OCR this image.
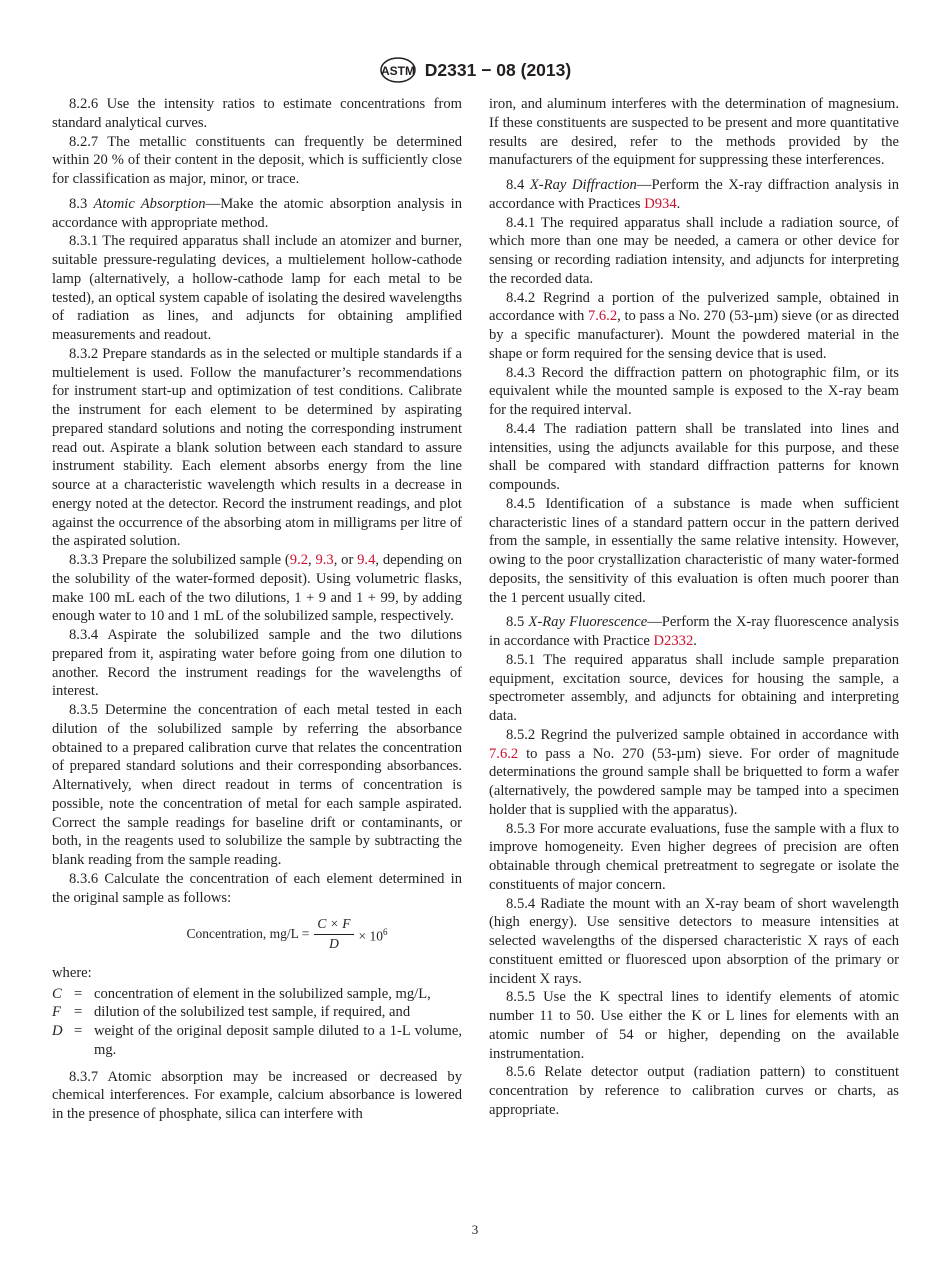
ASTM D2331 − 08 (2013)

8.2.6 Use the intensity ratios to estimate concentrations from standard analytical curves.

8.2.7 The metallic constituents can frequently be determined within 20 % of their content in the deposit, which is sufficiently close for classification as major, minor, or trace.

8.3 Atomic Absorption—Make the atomic absorption analysis in accordance with appropriate method.

8.3.1 The required apparatus shall include an atomizer and burner, suitable pressure-regulating devices, a multielement hollow-cathode lamp (alternatively, a hollow-cathode lamp for each metal to be tested), an optical system capable of isolating the desired wavelengths of radiation as lines, and adjuncts for obtaining amplified measurements and readout.

8.3.2 Prepare standards as in the selected or multiple standards if a multielement is used. Follow the manufacturer’s recommendations for instrument start-up and optimization of test conditions. Calibrate the instrument for each element to be determined by aspirating prepared standard solutions and noting the corresponding instrument read out. Aspirate a blank solution between each standard to assure instrument stability. Each element absorbs energy from the line source at a characteristic wavelength which results in a decrease in energy noted at the detector. Record the instrument readings, and plot against the occurrence of the absorbing atom in milligrams per litre of the aspirated solution.

8.3.3 Prepare the solubilized sample (9.2, 9.3, or 9.4, depending on the solubility of the water-formed deposit). Using volumetric flasks, make 100 mL each of the two dilutions, 1 + 9 and 1 + 99, by adding enough water to 10 and 1 mL of the solubilized sample, respectively.

8.3.4 Aspirate the solubilized sample and the two dilutions prepared from it, aspirating water before going from one dilution to another. Record the instrument readings for the wavelengths of interest.

8.3.5 Determine the concentration of each metal tested in each dilution of the solubilized sample by referring the absorbance obtained to a prepared calibration curve that relates the concentration of prepared standard solutions and their corresponding absorbances. Alternatively, when direct readout in terms of concentration is possible, note the concentration of metal for each sample aspirated. Correct the sample readings for baseline drift or contaminants, or both, in the reagents used to solubilize the sample by subtracting the blank reading from the sample reading.

8.3.6 Calculate the concentration of each element determined in the original sample as follows:

Concentration, $mg/L = \frac{C \times F}{D} \times 10^6$
where:
C = concentration of element in the solubilized sample, mg/L,
F = dilution of the solubilized test sample, if required, and
D = weight of the original deposit sample diluted to a 1-L volume, mg.

8.3.7 Atomic absorption may be increased or decreased by chemical interferences. For example, calcium absorbance is lowered in the presence of phosphate, silica can interfere with

iron, and aluminum interferes with the determination of magnesium. If these constituents are suspected to be present and more quantitative results are desired, refer to the methods provided by the manufacturers of the equipment for suppressing these interferences.

8.4 X-Ray Diffraction—Perform the X-ray diffraction analysis in accordance with Practices D934.

8.4.1 The required apparatus shall include a radiation source, of which more than one may be needed, a camera or other device for sensing or recording radiation intensity, and adjuncts for interpreting the recorded data.

8.4.2 Regrind a portion of the pulverized sample, obtained in accordance with 7.6.2, to pass a No. 270 (53-µm) sieve (or as directed by a specific manufacturer). Mount the powdered material in the shape or form required for the sensing device that is used.

8.4.3 Record the diffraction pattern on photographic film, or its equivalent while the mounted sample is exposed to the X-ray beam for the required interval.

8.4.4 The radiation pattern shall be translated into lines and intensities, using the adjuncts available for this purpose, and these shall be compared with standard diffraction patterns for known compounds.

8.4.5 Identification of a substance is made when sufficient characteristic lines of a standard pattern occur in the pattern derived from the sample, in essentially the same relative intensity. However, owing to the poor crystallization characteristic of many water-formed deposits, the sensitivity of this evaluation is often much poorer than the 1 percent usually cited.

8.5 X-Ray Fluorescence—Perform the X-ray fluorescence analysis in accordance with Practice D2332.

8.5.1 The required apparatus shall include sample preparation equipment, excitation source, devices for housing the sample, a spectrometer assembly, and adjuncts for obtaining and interpreting data.

8.5.2 Regrind the pulverized sample obtained in accordance with 7.6.2 to pass a No. 270 (53-µm) sieve. For order of magnitude determinations the ground sample shall be briquetted to form a wafer (alternatively, the powdered sample may be tamped into a specimen holder that is supplied with the apparatus).

8.5.3 For more accurate evaluations, fuse the sample with a flux to improve homogeneity. Even higher degrees of precision are often obtainable through chemical pretreatment to segregate or isolate the constituents of major concern.

8.5.4 Radiate the mount with an X-ray beam of short wavelength (high energy). Use sensitive detectors to measure intensities at selected wavelengths of the dispersed characteristic X rays of each constituent emitted or fluoresced upon absorption of the primary or incident X rays.

8.5.5 Use the K spectral lines to identify elements of atomic number 11 to 50. Use either the K or L lines for elements with an atomic number of 54 or higher, depending on the available instrumentation.

8.5.6 Relate detector output (radiation pattern) to constituent concentration by reference to calibration curves or charts, as appropriate.

3
